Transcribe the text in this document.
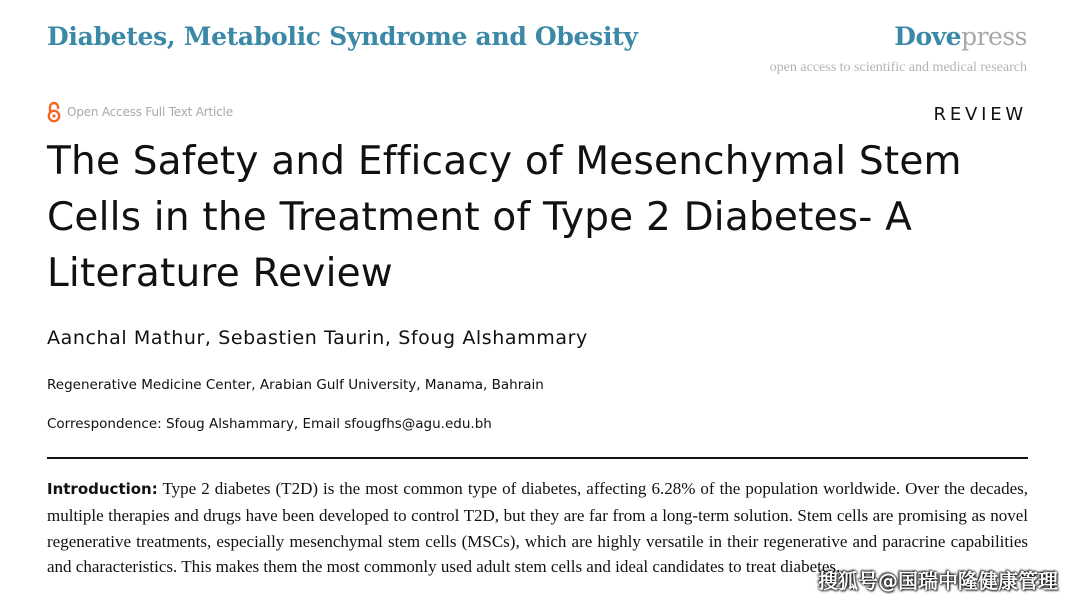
Diabetes, Metabolic Syndrome and Obesity	Dovepress
open access to scientific and medical research
Open Access Full Text Article	REVIEW
The Safety and Efficacy of Mesenchymal Stem Cells in the Treatment of Type 2 Diabetes- A Literature Review
Aanchal Mathur, Sebastien Taurin, Sfoug Alshammary
Regenerative Medicine Center, Arabian Gulf University, Manama, Bahrain
Correspondence: Sfoug Alshammary, Email sfougfhs@agu.edu.bh

Introduction: Type 2 diabetes (T2D) is the most common type of diabetes, affecting 6.28% of the population worldwide. Over the decades, multiple therapies and drugs have been developed to control T2D, but they are far from a long-term solution. Stem cells are promising as novel regenerative treatments, especially mesenchymal stem cells (MSCs), which are highly versatile in their regenerative and paracrine capabilities and characteristics. This makes them the most commonly used adult stem cells and ideal candidates to treat diabetes.

搜狐号@国瑞中隆健康管理
